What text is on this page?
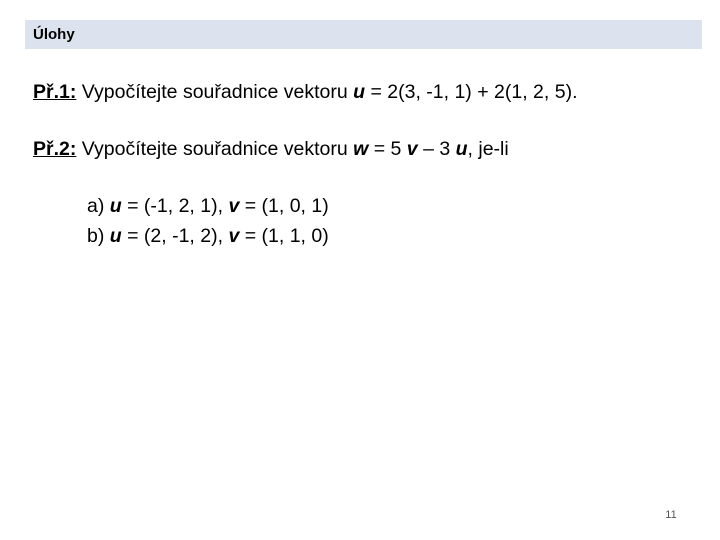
Úlohy
Př.1: Vypočítejte souřadnice vektoru u = 2(3, -1, 1) + 2(1, 2, 5).
Př.2: Vypočítejte souřadnice vektoru w = 5 v – 3 u, je-li
a) u = (-1, 2, 1), v = (1, 0, 1)
b) u = (2, -1, 2), v = (1, 1, 0)
11
